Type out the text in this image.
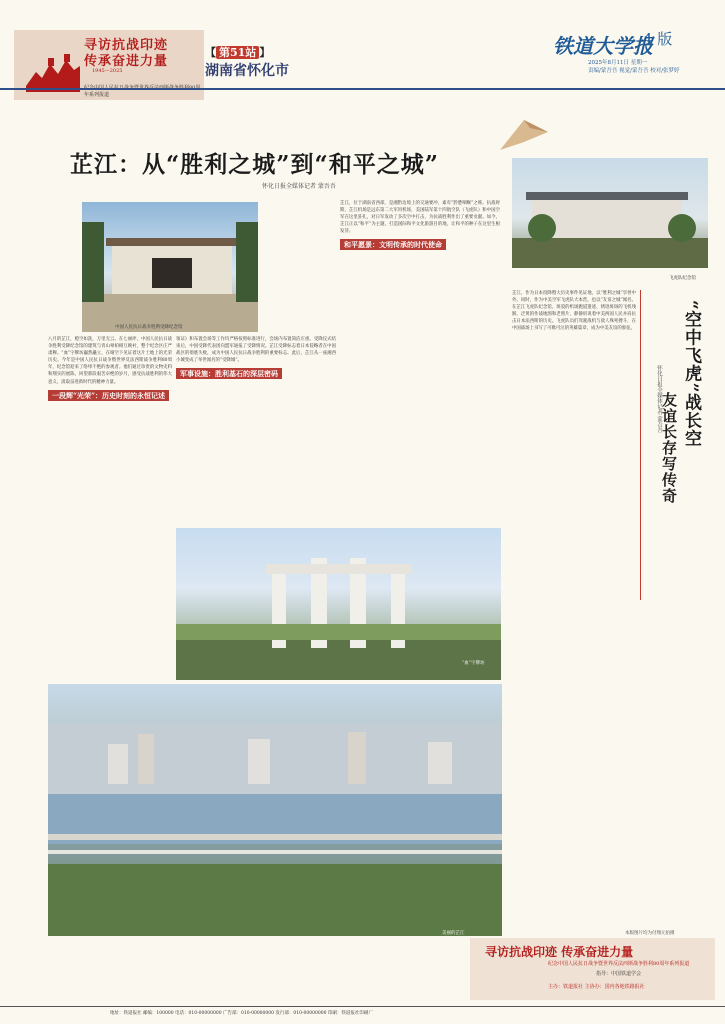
寻访抗战印迹
传承奋进力量
1945—2025
年系列报道
【 第51站 】
湖南省怀化市
铁道大学报
4 版
2025年8月11日 星期一
责编/蒙吾吾 视觉/蒙吾吾 校对/张梦婷
芷江：从“胜利之城”到“和平之城”
怀化日报全媒体记者 蒙吾吾
中国人民抗日战争胜利受降纪念馆
飞虎队纪念馆
八月的芷江，橙空如洗，万里无云。在七丽坪，中国人民抗日战争胜利受降纪念馆的建筑与青山翠柏相互映衬，整个纪念区庄严肃穆。“血”字牌坊巍然矗立，在晴空下见证着这片土地上的光荣历史。今年是中国人民抗日战争暨世界反法西斯战争胜利80周年，纪念馆迎来了络绎不绝的参观者。他们通过珍贵的文物史料和翔实的展陈，回望那段艰苦卓绝的岁月，感受抗战胜利的伟大意义，汲取奋进新时代的精神力量。
一段辉“光荣”：历史时刻的永恒记述
领证》和布置会场等工作均严格按照标准进行，会场内布置简洁庄重。受降仪式结束后，中国受降代表团向盟军通报了受降情况。芷江受降标志着日本侵略者在中国战区的彻底失败，成为中国人民抗日战争胜利的重要标志。此后，芷江从一座湘西小城变成了举世闻名的“受降城”。
军事设施：胜利基石的深层密码
芷江，位于湖南省西部，是湘黔边境上的交通要冲，素有“黔楚咽喉”之称。抗战时期，芷江机场是远东第二大军用机场，美国陆军第十四航空队（飞虎队）和中国空军在这里驻扎，对日军发动了多次空中打击，为抗战胜利作出了重要贡献。如今，芷江正以“和平”为主题，打造国际和平文化旅游目的地，让和平的种子在这里生根发芽。
和平愿景：文明传承的时代使命
“血”字牌坊
芷江，作为日本投降暨大历史事件见证地，以“胜利之城”享誉中外。同时，作为中美空军飞虎队大本营，也以“友谊之城”闻名。在芷江飞虎队纪念馆，斑驳的机场跑道遗迹、锈迹斑斑的飞机残骸、泛黄的作战地图和老照片，静静诉说着中美两国人民并肩抗击日本法西斯的历史。飞虎队员们驾驶战机与敌人殊死搏斗，在中国战场上书写了可歌可泣的英雄篇章，成为中美友谊的象征。	“空中飞虎”战长空
友谊长存写传奇
怀化日报全媒体记者 蒙吾吾
美丽的芷江	本版图片均为付翔元拍摄
寻访抗战印迹 传承奋进力量
纪念中国人民抗日战争暨世界反法西斯战争胜利80周年系列报道
指导：中国铁道学会
主办：铁道报社 主协办：国内各地铁路报社
地址：铁道报社 邮编：100000 电话：010-00000000 广告部：010-00000000 发行部：010-00000000 印刷：铁道报社印刷厂
